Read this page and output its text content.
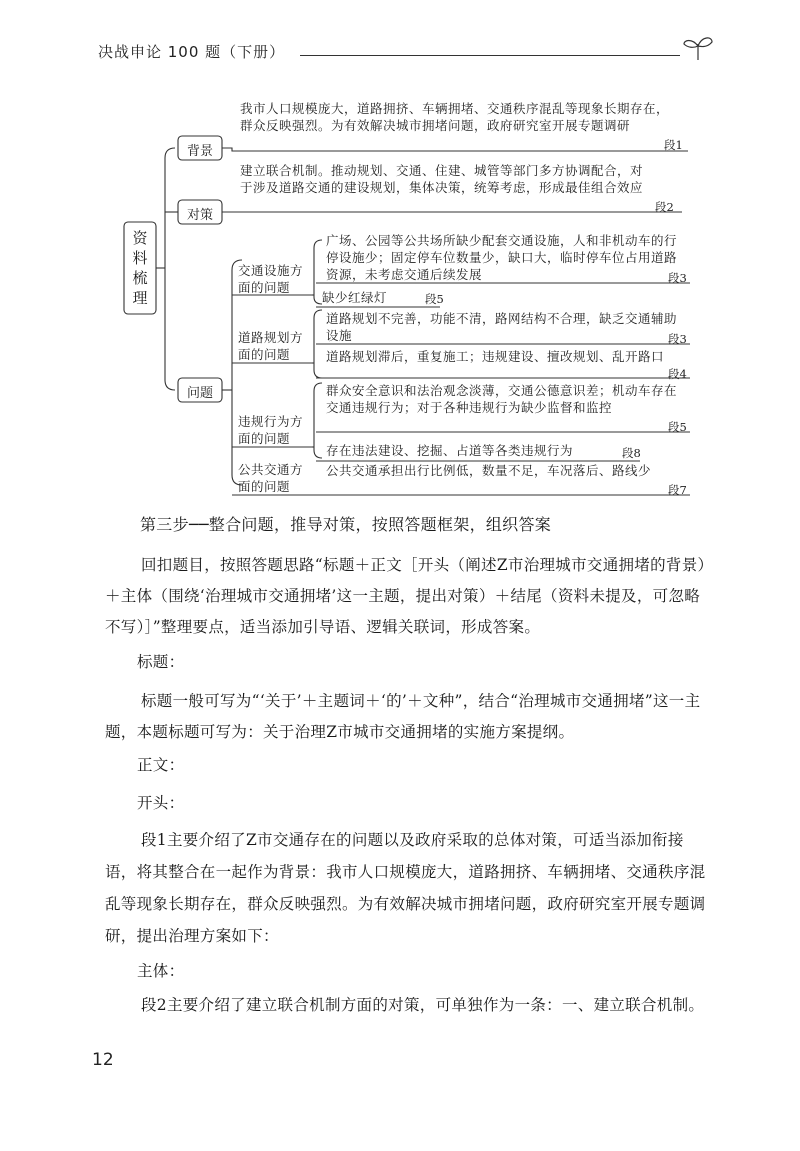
决战申论 100 题（下册）
资料梳理
背景
对策
问题
我市人口规模庞大，道路拥挤、车辆拥堵、交通秩序混乱等现象长期存在，群众反映强烈。为有效解决城市拥堵问题，政府研究室开展专题调研
段1
建立联合机制。推动规划、交通、住建、城管等部门多方协调配合，对于涉及道路交通的建设规划，集体决策，统筹考虑，形成最佳组合效应
段2
交通设施方面的问题
道路规划方面的问题
违规行为方面的问题
公共交通方面的问题
广场、公园等公共场所缺少配套交通设施，人和非机动车的行停设施少；固定停车位数量少，缺口大，临时停车位占用道路资源，未考虑交通后续发展	段3
缺少红绿灯	段5
道路规划不完善，功能不清，路网结构不合理，缺乏交通辅助设施	段3
道路规划滞后，重复施工；违规建设、擅改规划、乱开路口
段4
群众安全意识和法治观念淡薄，交通公德意识差；机动车存在交通违规行为；对于各种违规行为缺少监督和监控
段5
存在违法建设、挖掘、占道等各类违规行为	段8
公共交通承担出行比例低，数量不足，车况落后、路线少
段7
第三步──整合问题，推导对策，按照答题框架，组织答案
回扣题目，按照答题思路“标题＋正文［开头（阐述Z市治理城市交通拥堵的背景）＋主体（围绕‘治理城市交通拥堵’这一主题，提出对策）＋结尾（资料未提及，可忽略不写）］”整理要点，适当添加引导语、逻辑关联词，形成答案。
标题：
标题一般可写为“‘关于’＋主题词＋‘的’＋文种”，结合“治理城市交通拥堵”这一主题，本题标题可写为：关于治理Z市城市交通拥堵的实施方案提纲。
正文：
开头：
段1主要介绍了Z市交通存在的问题以及政府采取的总体对策，可适当添加衔接语，将其整合在一起作为背景：我市人口规模庞大，道路拥挤、车辆拥堵、交通秩序混乱等现象长期存在，群众反映强烈。为有效解决城市拥堵问题，政府研究室开展专题调研，提出治理方案如下：
主体：
段2主要介绍了建立联合机制方面的对策，可单独作为一条：一、建立联合机制。
12
